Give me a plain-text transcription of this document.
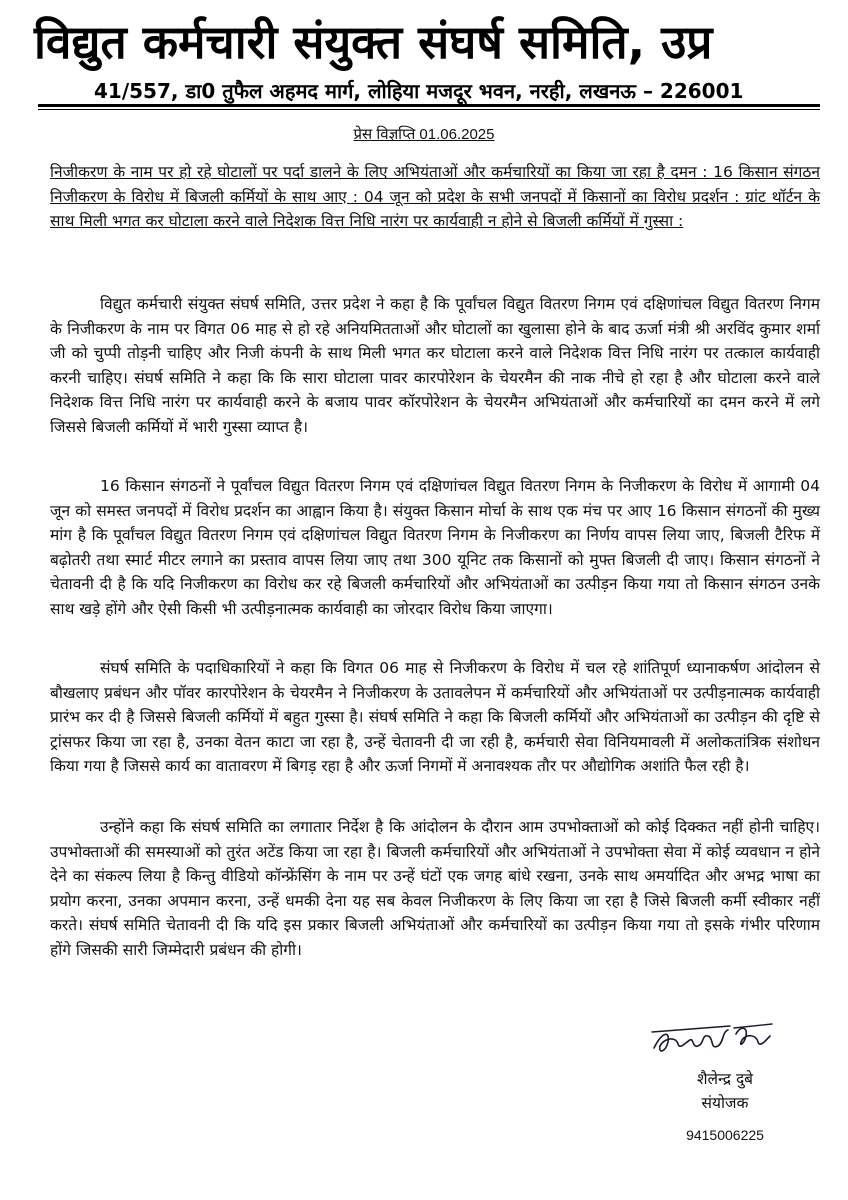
विद्युत कर्मचारी संयुक्त संघर्ष समिति, उप्र
41/557, डा0 तुफैल अहमद मार्ग, लोहिया मजदूर भवन, नरही, लखनऊ – 226001
प्रेस विज्ञप्ति 01.06.2025
निजीकरण के नाम पर हो रहे घोटालों पर पर्दा डालने के लिए अभियंताओं और कर्मचारियों का किया जा रहा है दमन : 16 किसान संगठन निजीकरण के विरोध में बिजली कर्मियों के साथ आए : 04 जून को प्रदेश के सभी जनपदों में किसानों का विरोध प्रदर्शन : ग्रांट थॉर्टन के साथ मिली भगत कर घोटाला करने वाले निदेशक वित्त निधि नारंग पर कार्यवाही न होने से बिजली कर्मियों में गुस्सा :
विद्युत कर्मचारी संयुक्त संघर्ष समिति, उत्तर प्रदेश ने कहा है कि पूर्वांचल विद्युत वितरण निगम एवं दक्षिणांचल विद्युत वितरण निगम के निजीकरण के नाम पर विगत 06 माह से हो रहे अनियमितताओं और घोटालों का खुलासा होने के बाद ऊर्जा मंत्री श्री अरविंद कुमार शर्मा जी को चुप्पी तोड़नी चाहिए और निजी कंपनी के साथ मिली भगत कर घोटाला करने वाले निदेशक वित्त निधि नारंग पर तत्काल कार्यवाही करनी चाहिए। संघर्ष समिति ने कहा कि कि सारा घोटाला पावर कारपोरेशन के चेयरमैन की नाक नीचे हो रहा है और घोटाला करने वाले निदेशक वित्त निधि नारंग पर कार्यवाही करने के बजाय पावर कॉरपोरेशन के चेयरमैन अभियंताओं और कर्मचारियों का दमन करने में लगे जिससे बिजली कर्मियों में भारी गुस्सा व्याप्त है।
16 किसान संगठनों ने पूर्वांचल विद्युत वितरण निगम एवं दक्षिणांचल विद्युत वितरण निगम के निजीकरण के विरोध में आगामी 04 जून को समस्त जनपदों में विरोध प्रदर्शन का आह्वान किया है। संयुक्त किसान मोर्चा के साथ एक मंच पर आए 16 किसान संगठनों की मुख्य मांग है कि पूर्वांचल विद्युत वितरण निगम एवं दक्षिणांचल विद्युत वितरण निगम के निजीकरण का निर्णय वापस लिया जाए, बिजली टैरिफ में बढ़ोतरी तथा स्मार्ट मीटर लगाने का प्रस्ताव वापस लिया जाए तथा 300 यूनिट तक किसानों को मुफ्त बिजली दी जाए। किसान संगठनों ने चेतावनी दी है कि यदि निजीकरण का विरोध कर रहे बिजली कर्मचारियों और अभियंताओं का उत्पीड़न किया गया तो किसान संगठन उनके साथ खड़े होंगे और ऐसी किसी भी उत्पीड़नात्मक कार्यवाही का जोरदार विरोध किया जाएगा।
संघर्ष समिति के पदाधिकारियों ने कहा कि विगत 06 माह से निजीकरण के विरोध में चल रहे शांतिपूर्ण ध्यानाकर्षण आंदोलन से बौखलाए प्रबंधन और पॉवर कारपोरेशन के चेयरमैन ने निजीकरण के उतावलेपन में कर्मचारियों और अभियंताओं पर उत्पीड़नात्मक कार्यवाही प्रारंभ कर दी है जिससे बिजली कर्मियों में बहुत गुस्सा है। संघर्ष समिति ने कहा कि बिजली कर्मियों और अभियंताओं का उत्पीड़न की दृष्टि से ट्रांसफर किया जा रहा है, उनका वेतन काटा जा रहा है, उन्हें चेतावनी दी जा रही है, कर्मचारी सेवा विनियमावली में अलोकतांत्रिक संशोधन किया गया है जिससे कार्य का वातावरण में बिगड़ रहा है और ऊर्जा निगमों में अनावश्यक तौर पर औद्योगिक अशांति फैल रही है।
उन्होंने कहा कि संघर्ष समिति का लगातार निर्देश है कि आंदोलन के दौरान आम उपभोक्ताओं को कोई दिक्कत नहीं होनी चाहिए। उपभोक्ताओं की समस्याओं को तुरंत अटेंड किया जा रहा है। बिजली कर्मचारियों और अभियंताओं ने उपभोक्ता सेवा में कोई व्यवधान न होने देने का संकल्प लिया है किन्तु वीडियो कॉन्फ्रेंसिंग के नाम पर उन्हें घंटों एक जगह बांधे रखना, उनके साथ अमर्यादित और अभद्र भाषा का प्रयोग करना, उनका अपमान करना, उन्हें धमकी देना यह सब केवल निजीकरण के लिए किया जा रहा है जिसे बिजली कर्मी स्वीकार नहीं करते। संघर्ष समिति चेतावनी दी कि यदि इस प्रकार बिजली अभियंताओं और कर्मचारियों का उत्पीड़न किया गया तो इसके गंभीर परिणाम होंगे जिसकी सारी जिम्मेदारी प्रबंधन की होगी।
शैलेन्द्र दुबे
संयोजक
9415006225
